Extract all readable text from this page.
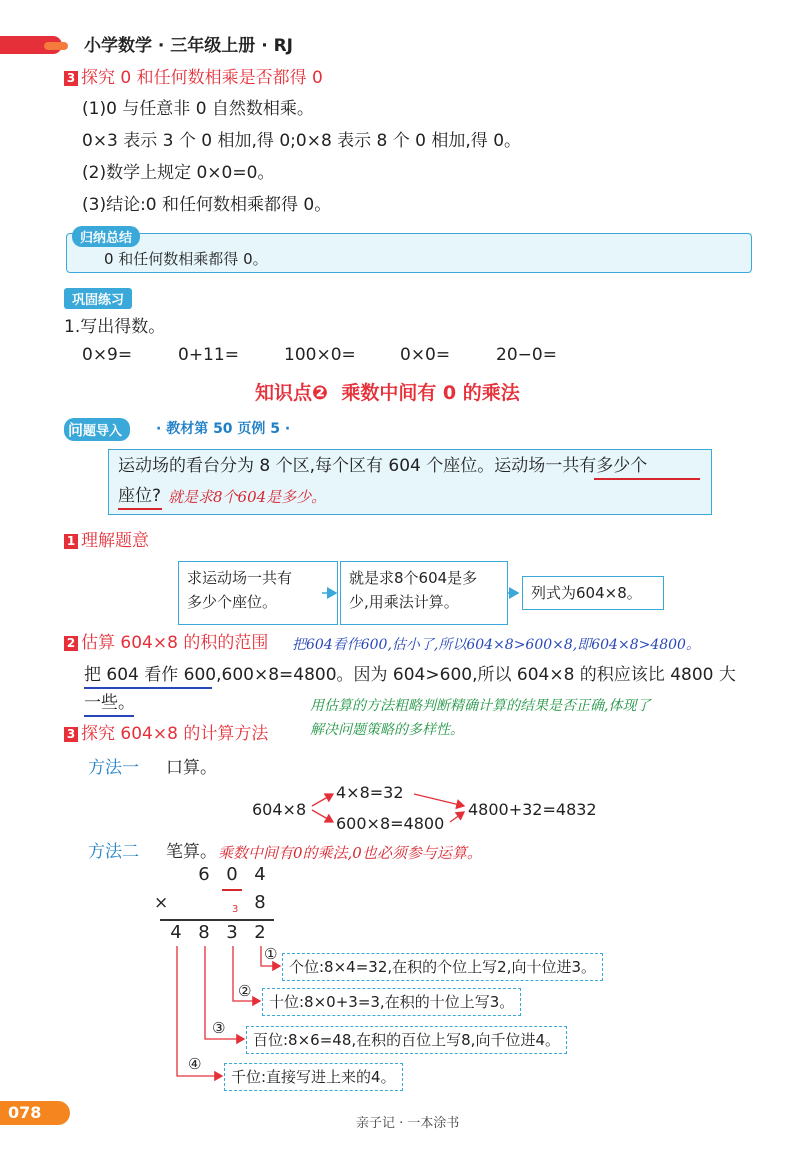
小学数学 · 三年级上册 · RJ
3 探究 0 和任何数相乘是否都得 0
(1)0 与任意非 0 自然数相乘。
0×3 表示 3 个 0 相加,得 0;0×8 表示 8 个 0 相加,得 0。
(2)数学上规定 0×0=0。
(3)结论:0 和任何数相乘都得 0。
归纳总结
0 和任何数相乘都得 0。
巩固练习
1.写出得数。
0×9=	0+11=	100×0=	0×0=	20−0=
知识点❷  乘数中间有 0 的乘法
问题导入	· 教材第 50 页例 5 ·
运动场的看台分为 8 个区,每个区有 604 个座位。运动场一共有多少个
座位? 就是求8个604是多少。
1 理解题意
求运动场一共有
多少个座位。
就是求8个604是多
少,用乘法计算。	列式为604×8。
2 估算 604×8 的积的范围 把604看作600,估小了,所以604×8>600×8,即604×8>4800。
把 604 看作 600,600×8=4800。因为 604>600,所以 604×8 的积应该比 4800 大
一些。	用估算的方法粗略判断精确计算的结果是否正确,体现了
解决问题策略的多样性。
3 探究 604×8 的计算方法
方法一 口算。
604×8
4×8=32
600×8=4800
4800+32=4832
方法二 笔算。 乘数中间有0的乘法,0也必须参与运算。
6 0 4
×	3 8
4 8 3 2
①
个位:8×4=32,在积的个位上写2,向十位进3。
②
十位:8×0+3=3,在积的十位上写3。
③
百位:8×6=48,在积的百位上写8,向千位进4。
④
千位:直接写进上来的4。
078
亲子记 · 一本涂书
